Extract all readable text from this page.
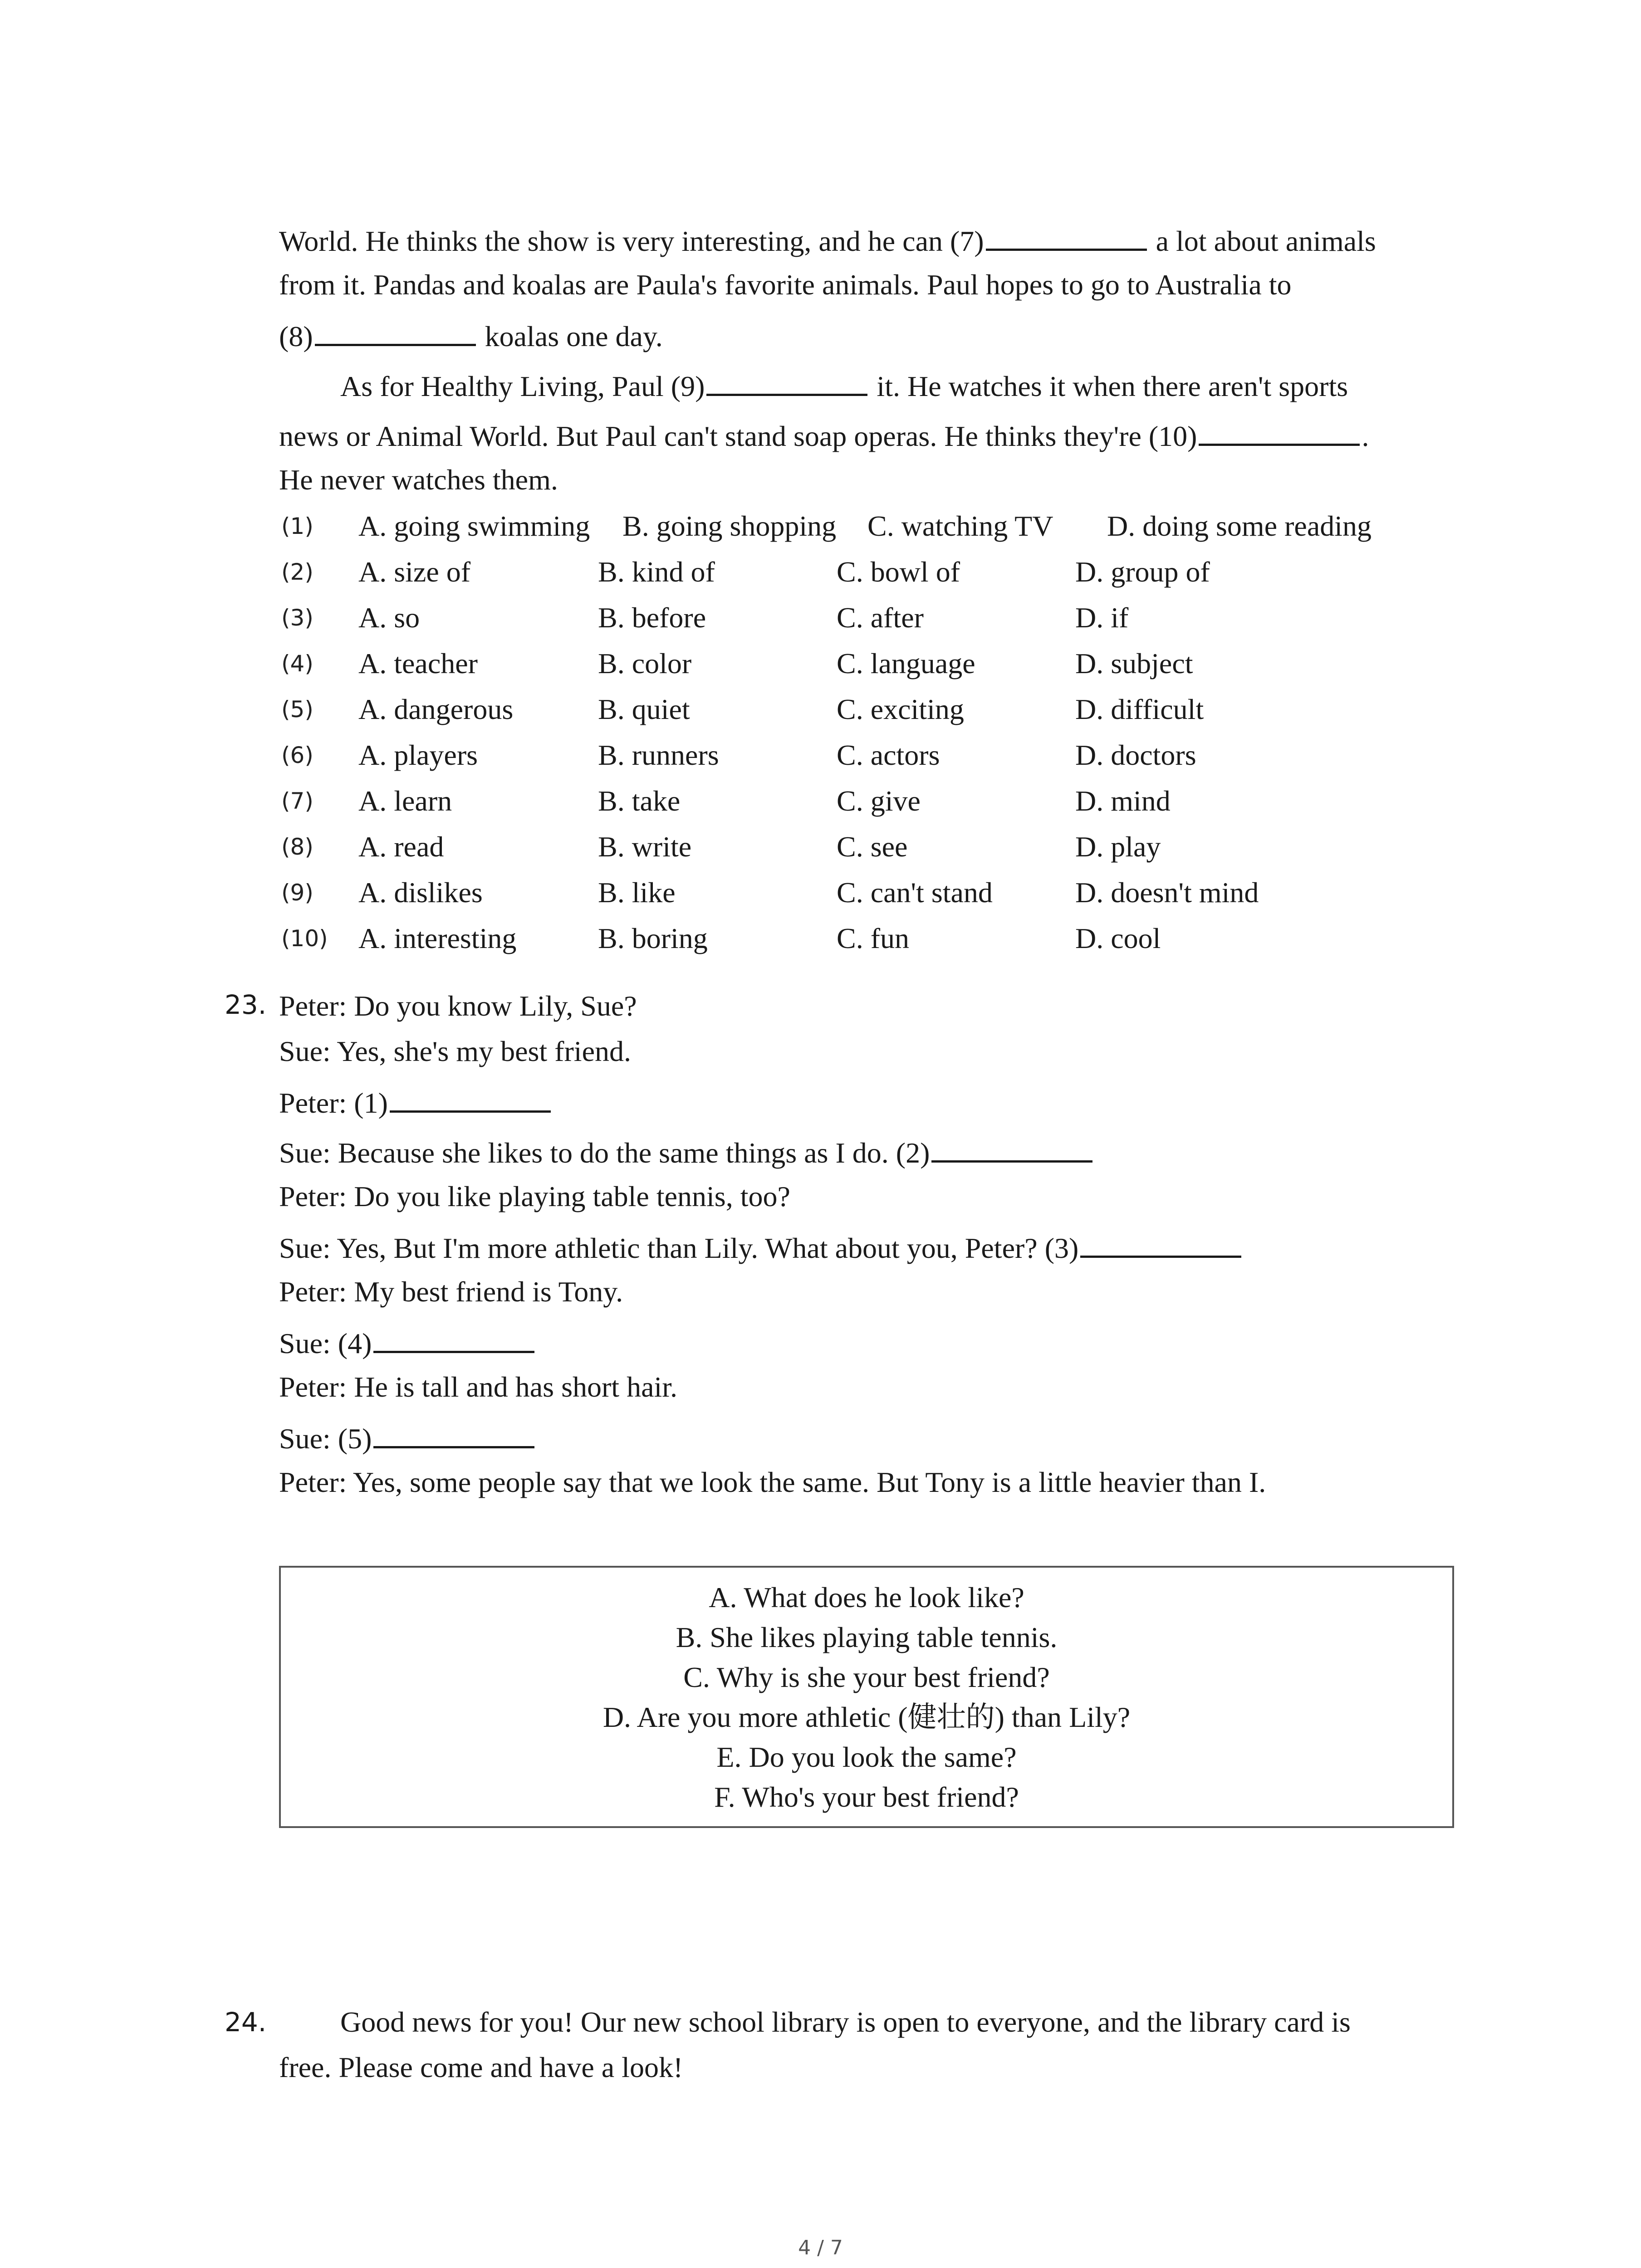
World. He thinks the show is very interesting, and he can (7)	a lot about animals
from it. Pandas and koalas are Paula's favorite animals. Paul hopes to go to Australia to
(8)	koalas one day.
As for Healthy Living, Paul (9)	it. He watches it when there aren't sports
news or Animal World. But Paul can't stand soap operas. He thinks they're (10)	.
He never watches them.
(1) A. going swimming B. going shopping C. watching TV D. doing some reading
(2) A. size of	B. kind of	C. bowl of	D. group of
(3) A. so	B. before	C. after	D. if
(4) A. teacher	B. color	C. language	D. subject
(5) A. dangerous	B. quiet	C. exciting	D. difficult
(6) A. players	B. runners	C. actors	D. doctors
(7) A. learn	B. take	C. give	D. mind
(8) A. read	B. write	C. see	D. play
(9) A. dislikes	B. like	C. can't stand	D. doesn't mind
(10) A. interesting	B. boring	C. fun	D. cool
23. Peter: Do you know Lily, Sue?
Sue: Yes, she's my best friend.
Peter: (1)
Sue: Because she likes to do the same things as I do. (2)
Peter: Do you like playing table tennis, too?
Sue: Yes, But I'm more athletic than Lily. What about you, Peter? (3)
Peter: My best friend is Tony.
Sue: (4)
Peter: He is tall and has short hair.
Sue: (5)
Peter: Yes, some people say that we look the same. But Tony is a little heavier than I.
A. What does he look like?
B. She likes playing table tennis.
C. Why is she your best friend?
D. Are you more athletic (健壮的) than Lily?
E. Do you look the same?
F. Who's your best friend?
24.	Good news for you! Our new school library is open to everyone, and the library card is
free. Please come and have a look!
4 / 7
